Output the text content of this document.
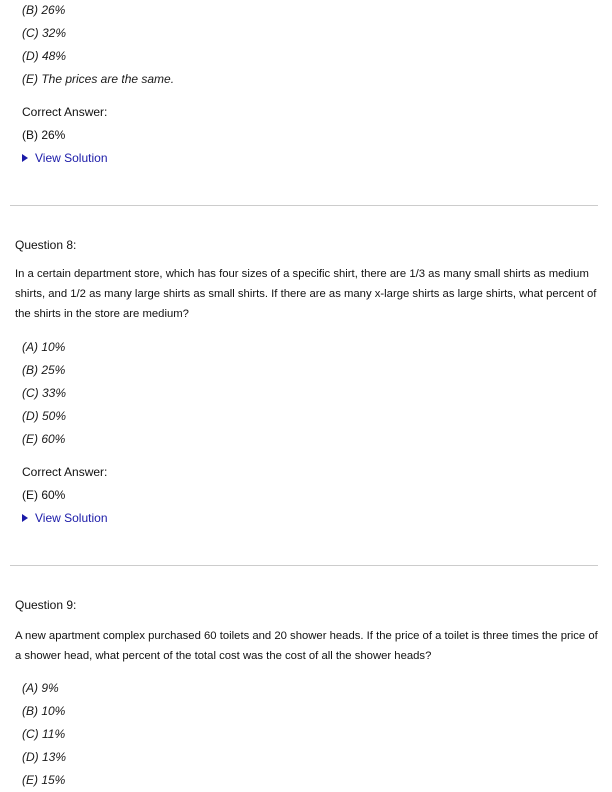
(B) 26%
(C) 32%
(D) 48%
(E) The prices are the same.
Correct Answer:
(B) 26%
View Solution
Question 8:
In a certain department store, which has four sizes of a specific shirt, there are 1/3 as many small shirts as medium shirts, and 1/2 as many large shirts as small shirts. If there are as many x-large shirts as large shirts, what percent of the shirts in the store are medium?
(A) 10%
(B) 25%
(C) 33%
(D) 50%
(E) 60%
Correct Answer:
(E) 60%
View Solution
Question 9:
A new apartment complex purchased 60 toilets and 20 shower heads. If the price of a toilet is three times the price of a shower head, what percent of the total cost was the cost of all the shower heads?
(A) 9%
(B) 10%
(C) 11%
(D) 13%
(E) 15%
